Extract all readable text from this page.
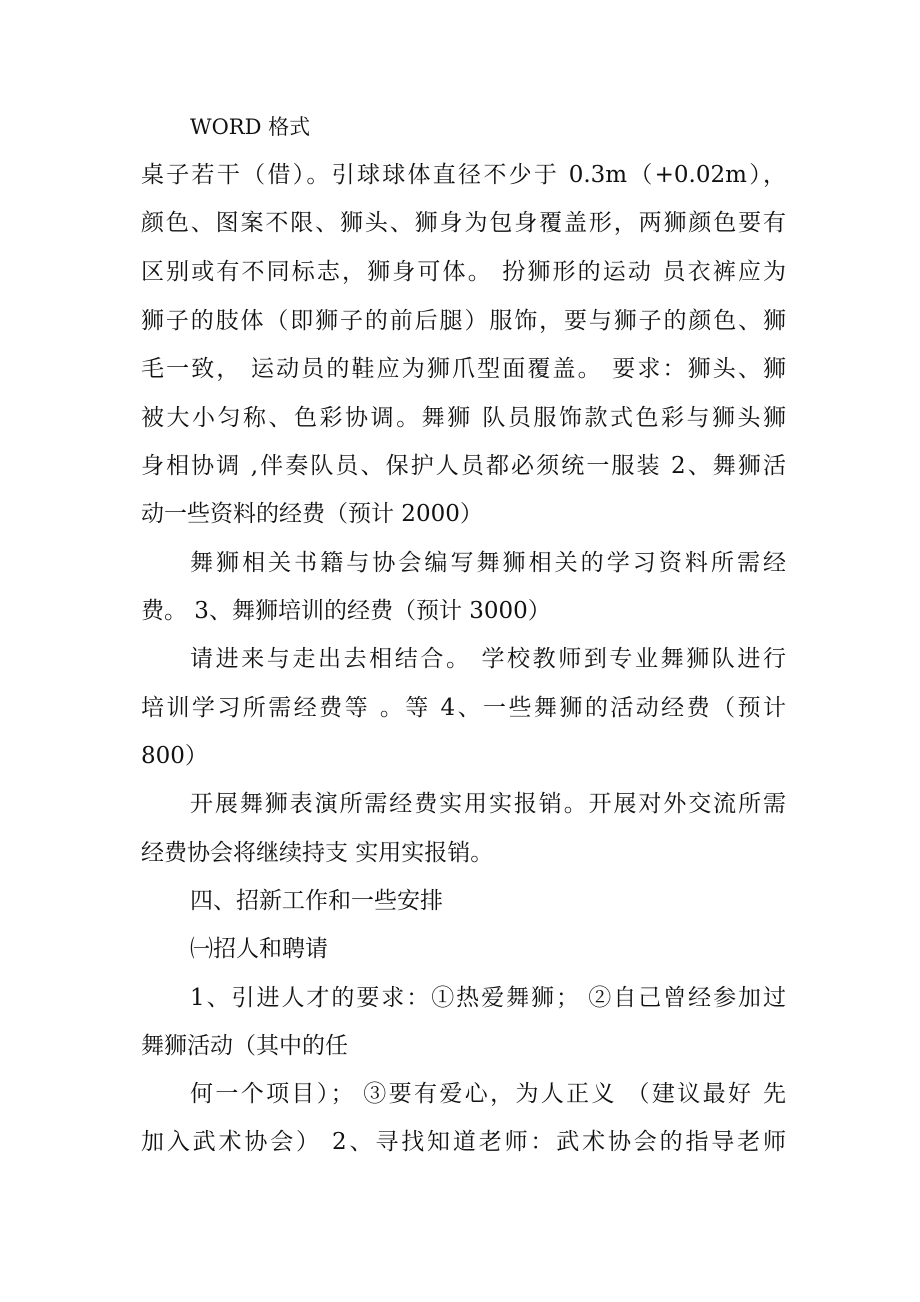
WORD 格式
桌子若干（借）。引球球体直径不少于 0.3m（+0.02m），
颜色、图案不限、狮头、狮身为包身覆盖形，两狮颜色要有
区别或有不同标志，狮身可体。 扮狮形的运动 员衣裤应为
狮子的肢体（即狮子的前后腿）服饰，要与狮子的颜色、狮
毛一致， 运动员的鞋应为狮爪型面覆盖。 要求：狮头、狮
被大小匀称、色彩协调。舞狮 队员服饰款式色彩与狮头狮
身相协调 ,伴奏队员、保护人员都必须统一服装 2、舞狮活
动一些资料的经费（预计 2000）
舞狮相关书籍与协会编写舞狮相关的学习资料所需经
费。 3、舞狮培训的经费（预计 3000）
请进来与走出去相结合。 学校教师到专业舞狮队进行
培训学习所需经费等 。等 4、一些舞狮的活动经费（预计
800）
开展舞狮表演所需经费实用实报销。开展对外交流所需
经费协会将继续持支 实用实报销。
四、招新工作和一些安排
㈠招人和聘请
1、引进人才的要求：①热爱舞狮； ②自己曾经参加过
舞狮活动（其中的任
何一个项目）； ③要有爱心，为人正义 （建议最好 先
加入武术协会） 2、寻找知道老师：武术协会的指导老师
